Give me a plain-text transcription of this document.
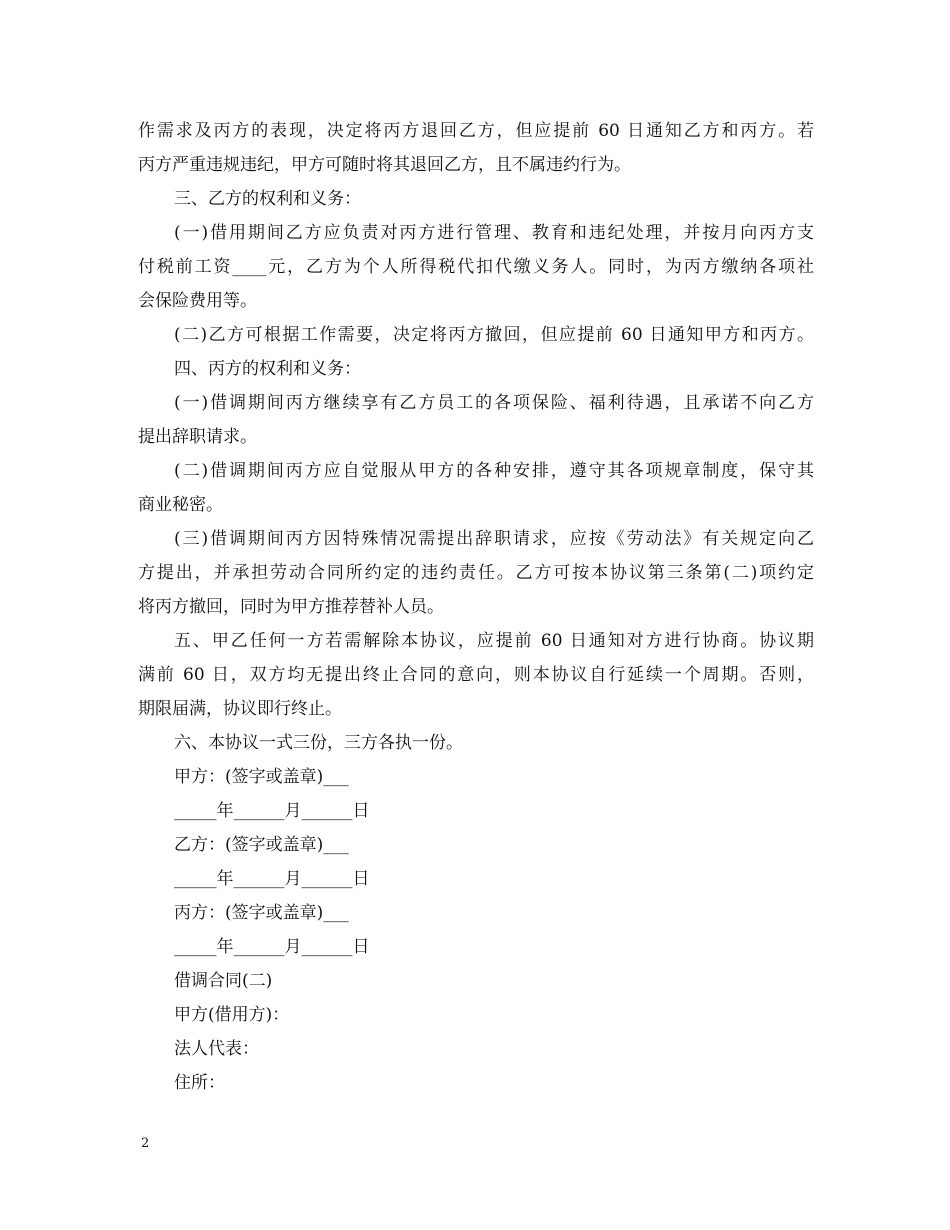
作需求及丙方的表现，决定将丙方退回乙方，但应提前 60 日通知乙方和丙方。若
丙方严重违规违纪，甲方可随时将其退回乙方，且不属违约行为。
三、乙方的权利和义务：
(一)借用期间乙方应负责对丙方进行管理、教育和违纪处理，并按月向丙方支
付税前工资____元，乙方为个人所得税代扣代缴义务人。同时，为丙方缴纳各项社
会保险费用等。
(二)乙方可根据工作需要，决定将丙方撤回，但应提前 60 日通知甲方和丙方。
四、丙方的权利和义务：
(一)借调期间丙方继续享有乙方员工的各项保险、福利待遇，且承诺不向乙方
提出辞职请求。
(二)借调期间丙方应自觉服从甲方的各种安排，遵守其各项规章制度，保守其
商业秘密。
(三)借调期间丙方因特殊情况需提出辞职请求，应按《劳动法》有关规定向乙
方提出，并承担劳动合同所约定的违约责任。乙方可按本协议第三条第(二)项约定
将丙方撤回，同时为甲方推荐替补人员。
五、甲乙任何一方若需解除本协议，应提前 60 日通知对方进行协商。协议期
满前 60 日，双方均无提出终止合同的意向，则本协议自行延续一个周期。否则，
期限届满，协议即行终止。
六、本协议一式三份，三方各执一份。
甲方：(签字或盖章)___
_____年______月______日
乙方：(签字或盖章)___
_____年______月______日
丙方：(签字或盖章)___
_____年______月______日
借调合同(二)
甲方(借用方)：
法人代表：
住所：
2
